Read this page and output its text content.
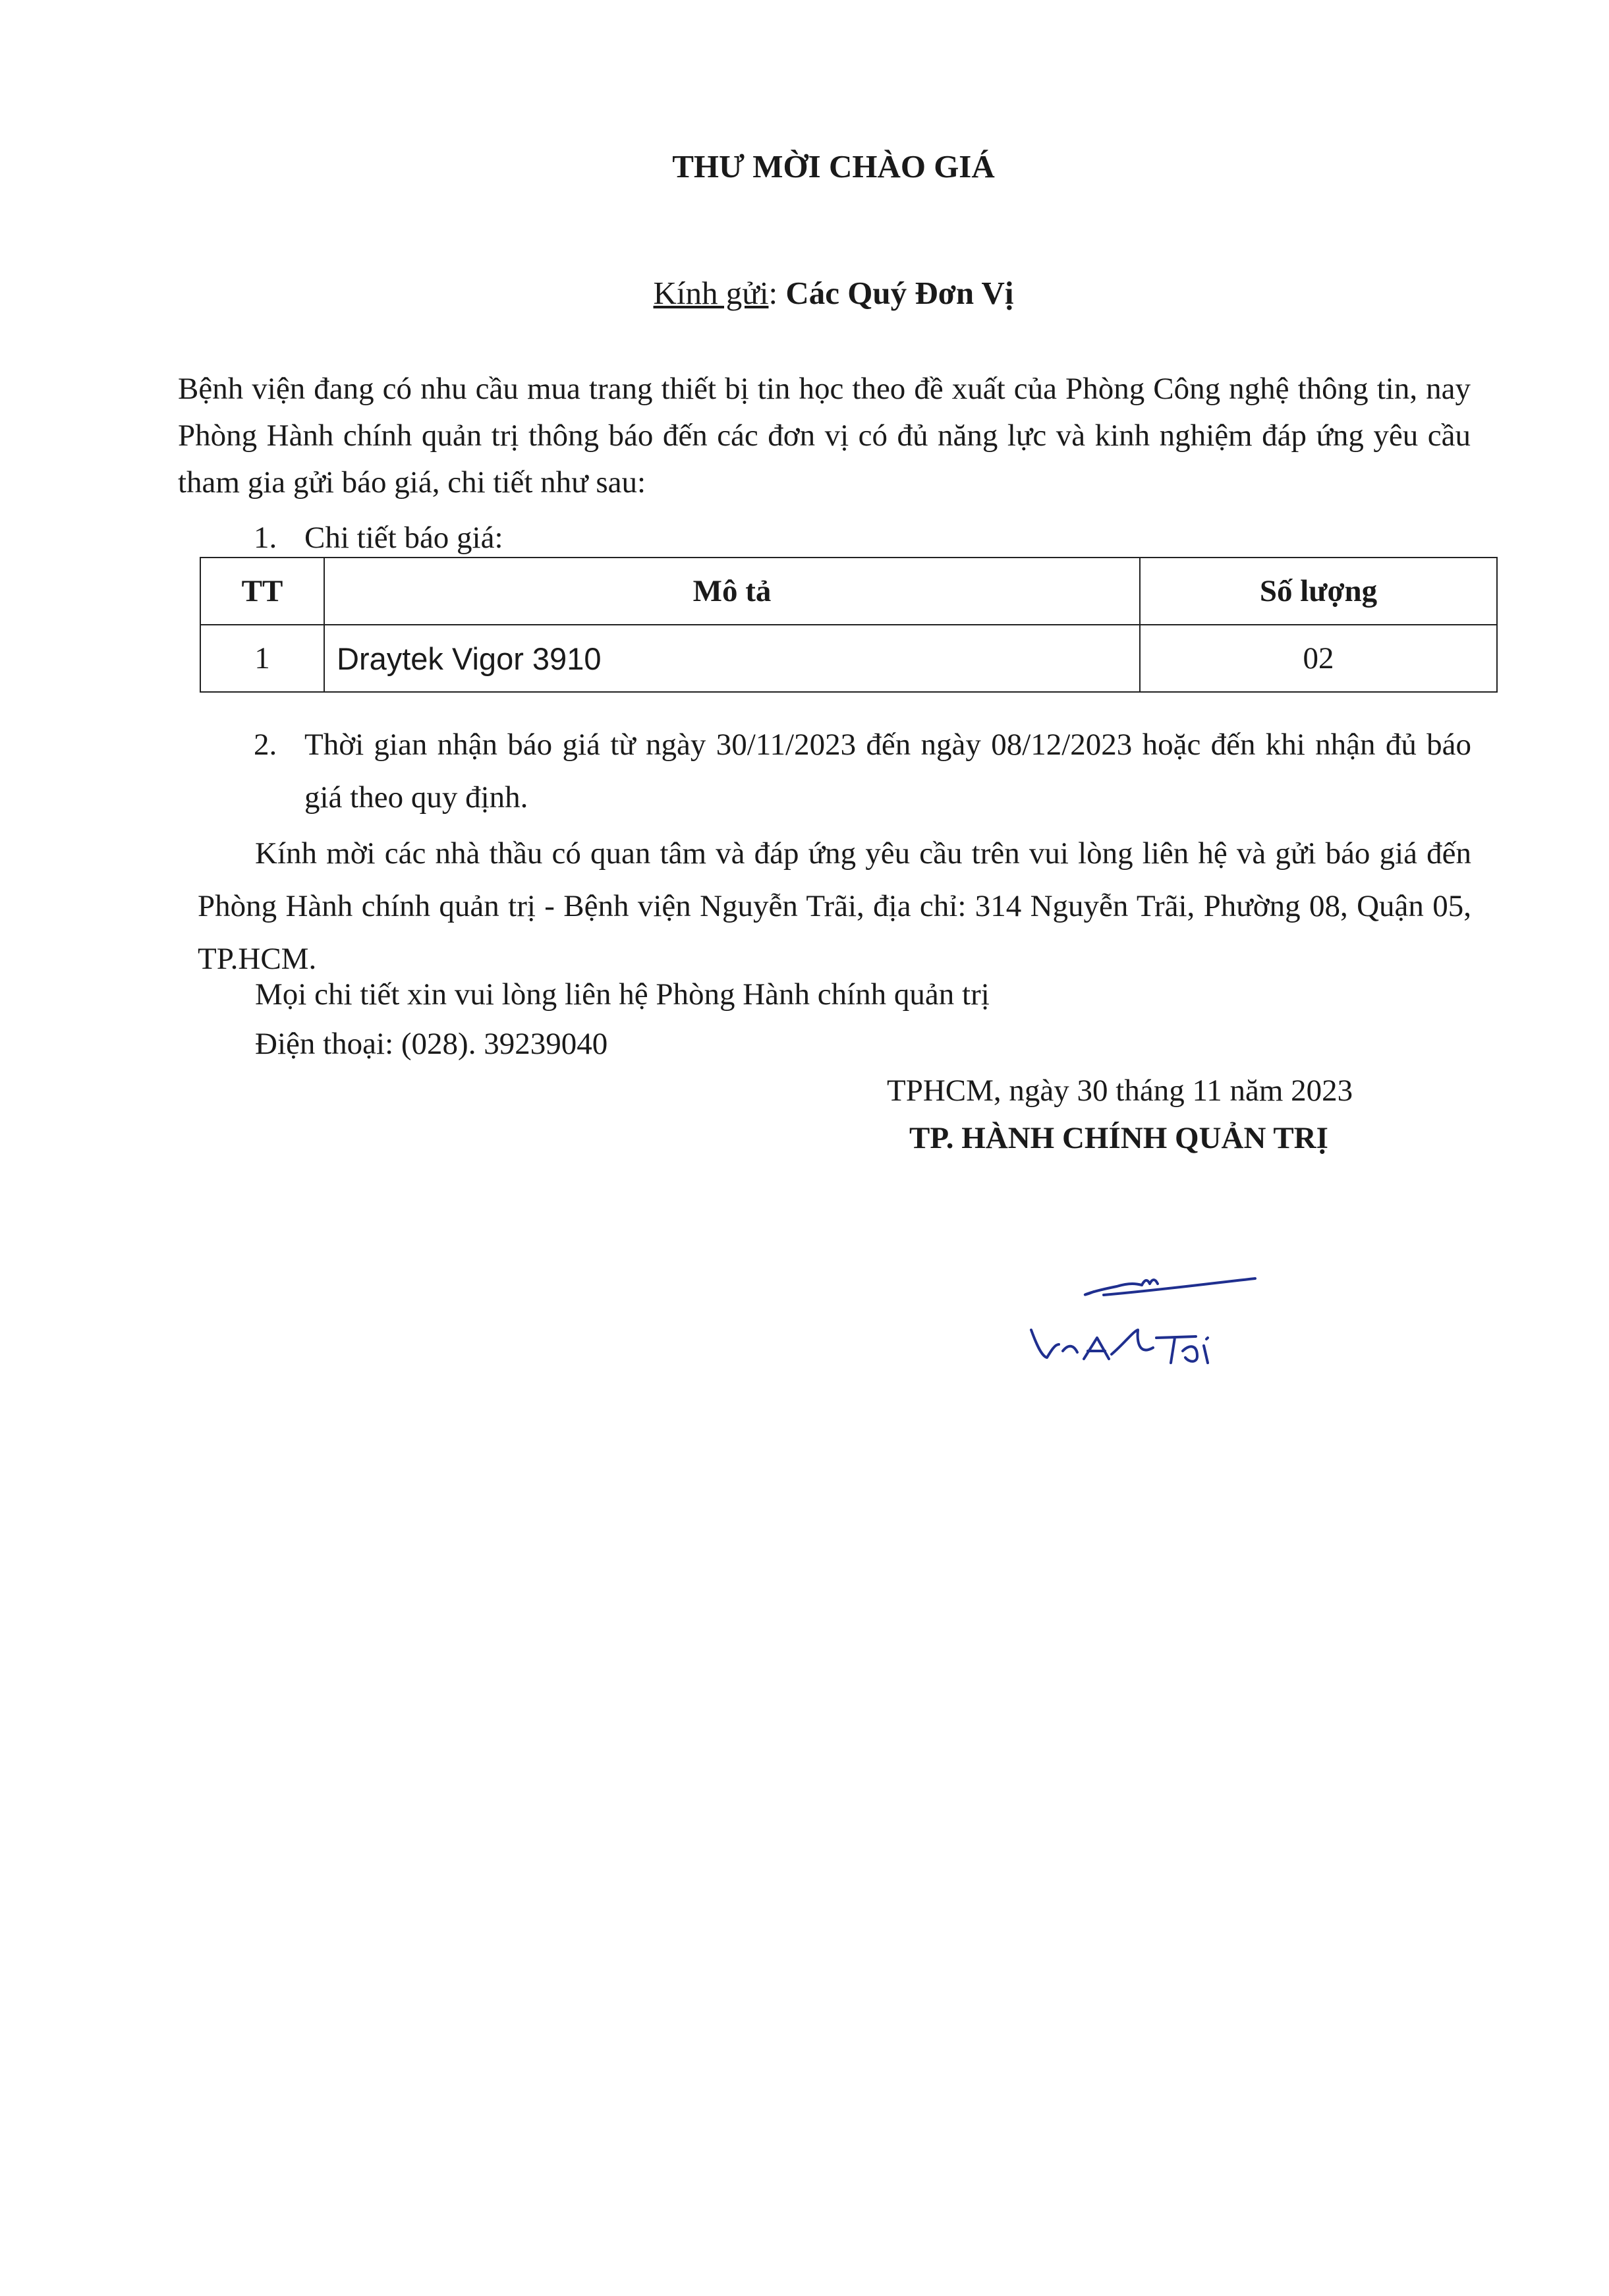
THƯ MỜI CHÀO GIÁ
Kính gửi: Các Quý Đơn Vị
Bệnh viện đang có nhu cầu mua trang thiết bị tin học theo đề xuất của Phòng Công nghệ thông tin, nay Phòng Hành chính quản trị thông báo đến các đơn vị có đủ năng lực và kinh nghiệm đáp ứng yêu cầu tham gia gửi báo giá, chi tiết như sau:
1. Chi tiết báo giá:
TT	Mô tả	Số lượng
1	Draytek Vigor 3910	02
2. Thời gian nhận báo giá từ ngày 30/11/2023 đến ngày 08/12/2023 hoặc đến khi nhận đủ báo giá theo quy định.
Kính mời các nhà thầu có quan tâm và đáp ứng yêu cầu trên vui lòng liên hệ và gửi báo giá đến Phòng Hành chính quản trị - Bệnh viện Nguyễn Trãi, địa chỉ: 314 Nguyễn Trãi, Phường 08, Quận 05, TP.HCM.
Mọi chi tiết xin vui lòng liên hệ Phòng Hành chính quản trị
Điện thoại: (028). 39239040
TPHCM, ngày 30 tháng 11 năm 2023
TP. HÀNH CHÍNH QUẢN TRỊ
